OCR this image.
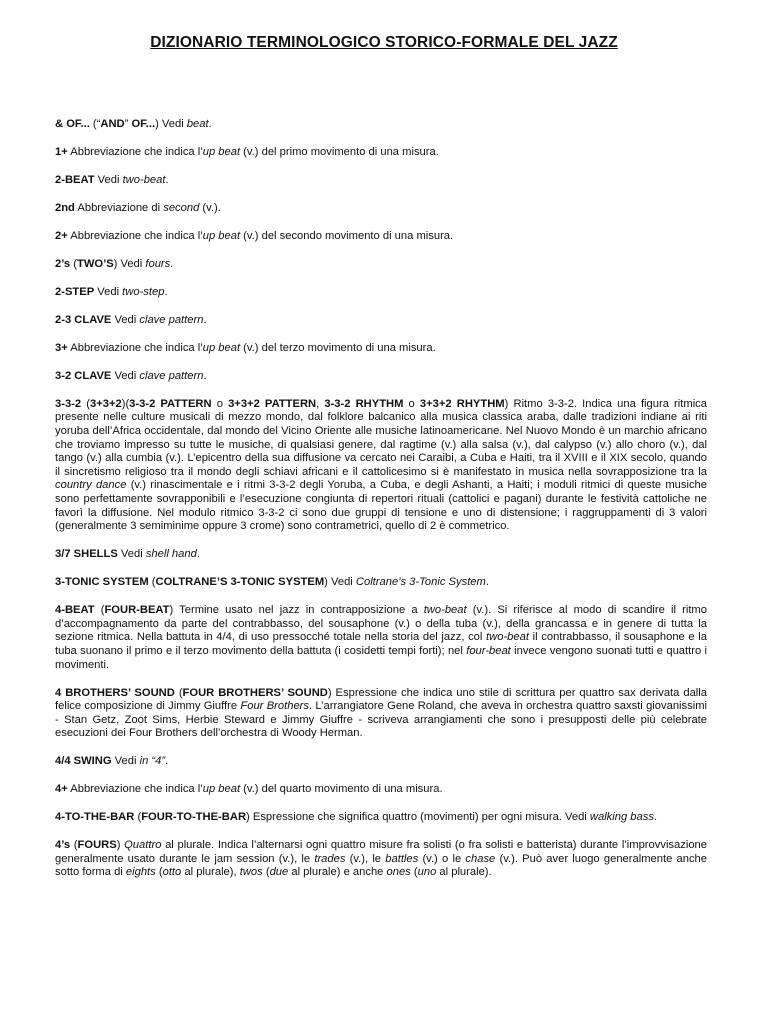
DIZIONARIO TERMINOLOGICO STORICO-FORMALE DEL JAZZ

& OF... (“AND” OF...) Vedi beat.

1+ Abbreviazione che indica l’up beat (v.) del primo movimento di una misura.

2-BEAT Vedi two-beat.

2nd Abbreviazione di second (v.).

2+ Abbreviazione che indica l’up beat (v.) del secondo movimento di una misura.

2’s (TWO’S) Vedi fours.

2-STEP Vedi two-step.

2-3 CLAVE Vedi clave pattern.

3+ Abbreviazione che indica l’up beat (v.) del terzo movimento di una misura.

3-2 CLAVE Vedi clave pattern.

3-3-2 (3+3+2)(3-3-2 PATTERN o 3+3+2 PATTERN, 3-3-2 RHYTHM o 3+3+2 RHYTHM) Ritmo 3-3-2. Indica una figura ritmica presente nelle culture musicali di mezzo mondo, dal folklore balcanico alla musica classica araba, dalle tradizioni indiane ai riti yoruba dell’Africa occidentale, dal mondo del Vicino Oriente alle musiche latinoamericane. Nel Nuovo Mondo è un marchio africano che troviamo impresso su tutte le musiche, di qualsiasi genere, dal ragtime (v.) alla salsa (v.), dal calypso (v.) allo choro (v.), dal tango (v.) alla cumbia (v.). L’epicentro della sua diffusione va cercato nei Caraibi, a Cuba e Haiti, tra il XVIII e il XIX secolo, quando il sincretismo religioso tra il mondo degli schiavi africani e il cattolicesimo si è manifestato in musica nella sovrapposizione tra la country dance (v.) rinascimentale e i ritmi 3-3-2 degli Yoruba, a Cuba, e degli Ashanti, a Haiti; i moduli ritmici di queste musiche sono perfettamente sovrapponibili e l’esecuzione congiunta di repertori rituali (cattolici e pagani) durante le festività cattoliche ne favorì la diffusione. Nel modulo ritmico 3-3-2 ci sono due gruppi di tensione e uno di distensione; i raggruppamenti di 3 valori (generalmente 3 semiminime oppure 3 crome) sono contrametrici, quello di 2 è commetrico.

3/7 SHELLS Vedi shell hand.

3-TONIC SYSTEM (COLTRANE’S 3-TONIC SYSTEM) Vedi Coltrane’s 3-Tonic System.

4-BEAT (FOUR-BEAT) Termine usato nel jazz in contrapposizione a two-beat (v.). Si riferisce al modo di scandire il ritmo d’accompagnamento da parte del contrabbasso, del sousaphone (v.) o della tuba (v.), della grancassa e in genere di tutta la sezione ritmica. Nella battuta in 4/4, di uso pressocché totale nella storia del jazz, col two-beat il contrabbasso, il sousaphone e la tuba suonano il primo e il terzo movimento della battuta (i cosidetti tempi forti); nel four-beat invece vengono suonati tutti e quattro i movimenti.

4 BROTHERS’ SOUND (FOUR BROTHERS’ SOUND) Espressione che indica uno stile di scrittura per quattro sax derivata dalla felice composizione di Jimmy Giuffre Four Brothers. L’arrangiatore Gene Roland, che aveva in orchestra quattro saxsti giovanissimi - Stan Getz, Zoot Sims, Herbie Steward e Jimmy Giuffre - scriveva arrangiamenti che sono i presupposti delle più celebrate esecuzioni dei Four Brothers dell’orchestra di Woody Herman.

4/4 SWING Vedi in “4”.

4+ Abbreviazione che indica l’up beat (v.) del quarto movimento di una misura.

4-TO-THE-BAR (FOUR-TO-THE-BAR) Espressione che significa quattro (movimenti) per ogni misura. Vedi walking bass.

4’s (FOURS) Quattro al plurale. Indica l’alternarsi ogni quattro misure fra solisti (o fra solisti e batterista) durante l’improvvisazione generalmente usato durante le jam session (v.), le trades (v.), le battles (v.) o le chase (v.). Può aver luogo generalmente anche sotto forma di eights (otto al plurale), twos (due al plurale) e anche ones (uno al plurale).
